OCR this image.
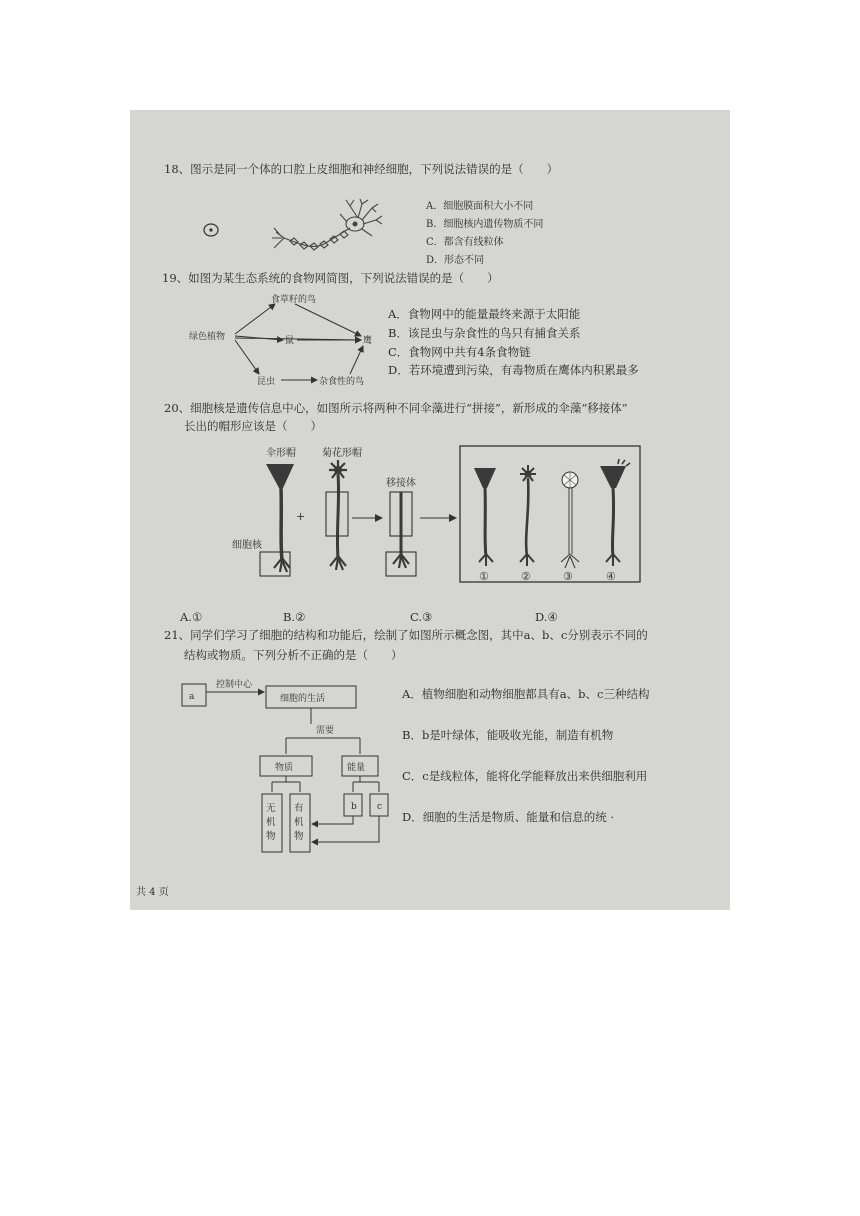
18、图示是同一个体的口腔上皮细胞和神经细胞，下列说法错误的是（　　）
A．细胞膜面积大小不同
B．细胞核内遗传物质不同
C．都含有线粒体
D．形态不同
19、如图为某生态系统的食物网简图，下列说法错误的是（　　）
绿色植物
食草籽的鸟
鼠	鹰
昆虫	杂食性的鸟
A．食物网中的能量最终来源于太阳能
B．该昆虫与杂食性的鸟只有捕食关系
C．食物网中共有4条食物链
D．若环境遭到污染，有毒物质在鹰体内积累最多
20、细胞核是遗传信息中心，如图所示将两种不同伞藻进行“拼接”，新形成的伞藻“移接体”
长出的帽形应该是（　　）
伞形帽
细胞核
+
菊花形帽
移接体
①	②	③	④
A.①	B.②	C.③	D.④
21、同学们学习了细胞的结构和功能后，绘制了如图所示概念图，其中a、b、c分别表示不同的
结构或物质。下列分析不正确的是（　　）
a
控制中心
细胞的生活
需要
物质	能量
b c
无机物
有机物
A．植物细胞和动物细胞都具有a、b、c三种结构
B．b是叶绿体，能吸收光能，制造有机物
C．c是线粒体，能将化学能释放出来供细胞利用
D．细胞的生活是物质、能量和信息的统 ·
共 4 页
